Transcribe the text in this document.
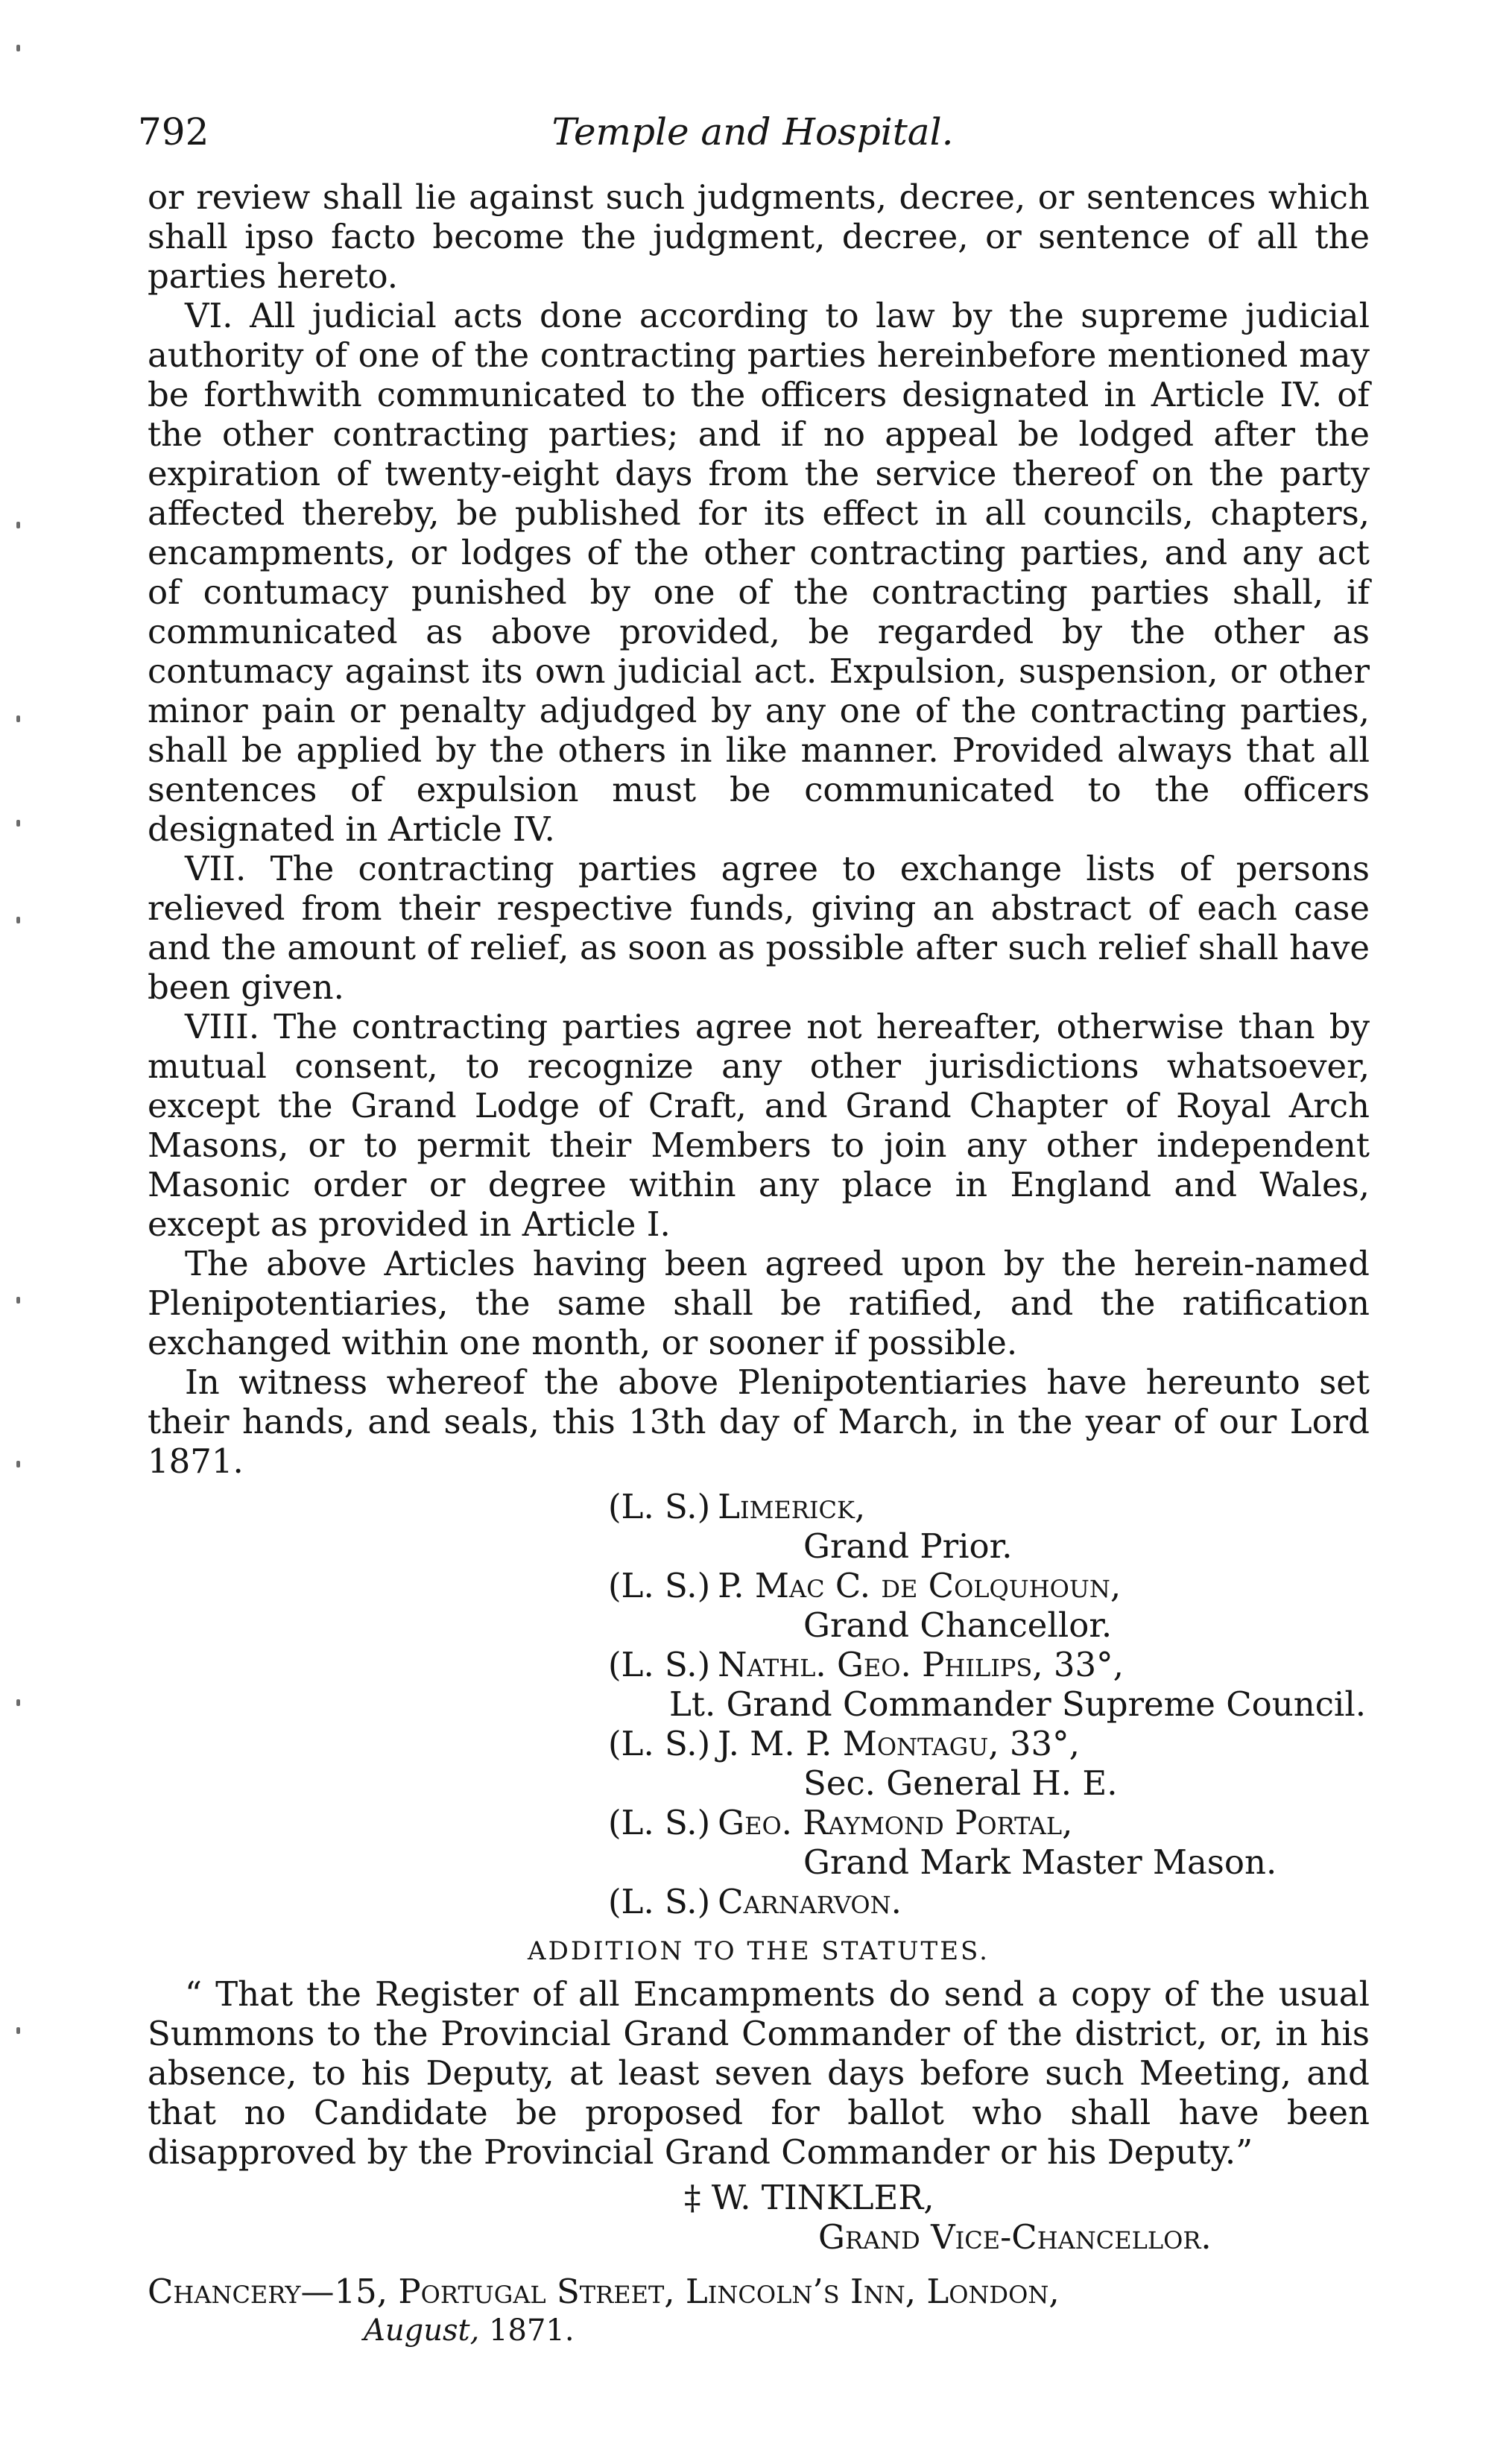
792	Temple and Hospital.

or review shall lie against such judgments, decree, or sentences which shall ipso facto become the judgment, decree, or sentence of all the parties hereto.

VI. All judicial acts done according to law by the supreme judicial authority of one of the contracting parties hereinbefore mentioned may be forthwith communicated to the officers designated in Article IV. of the other contracting parties; and if no appeal be lodged after the expiration of twenty-eight days from the service thereof on the party affected thereby, be published for its effect in all councils, chapters, encampments, or lodges of the other contracting parties, and any act of contumacy punished by one of the contracting parties shall, if communicated as above provided, be regarded by the other as contumacy against its own judicial act. Expulsion, suspension, or other minor pain or penalty adjudged by any one of the contracting parties, shall be applied by the others in like manner. Provided always that all sentences of expulsion must be communicated to the officers designated in Article IV.

VII. The contracting parties agree to exchange lists of persons relieved from their respective funds, giving an abstract of each case and the amount of relief, as soon as possible after such relief shall have been given.

VIII. The contracting parties agree not hereafter, otherwise than by mutual consent, to recognize any other jurisdictions whatsoever, except the Grand Lodge of Craft, and Grand Chapter of Royal Arch Masons, or to permit their Members to join any other independent Masonic order or degree within any place in England and Wales, except as provided in Article I.

The above Articles having been agreed upon by the herein-named Plenipotentiaries, the same shall be ratified, and the ratification exchanged within one month, or sooner if possible.

In witness whereof the above Plenipotentiaries have hereunto set their hands, and seals, this 13th day of March, in the year of our Lord 1871.

(L. S.) Limerick,
Grand Prior.
(L. S.) P. Mac C. de Colquhoun,
Grand Chancellor.
(L. S.) Nathl. Geo. Philips, 33°,
Lt. Grand Commander Supreme Council.
(L. S.) J. M. P. Montagu, 33°,
Sec. General H. E.
(L. S.) Geo. Raymond Portal,
Grand Mark Master Mason.
(L. S.) Carnarvon.
ADDITION TO THE STATUTES.

“ That the Register of all Encampments do send a copy of the usual Summons to the Provincial Grand Commander of the district, or, in his absence, to his Deputy, at least seven days before such Meeting, and that no Candidate be proposed for ballot who shall have been disapproved by the Provincial Grand Commander or his Deputy.”

‡ W. TINKLER,
Grand Vice-Chancellor.
Chancery—15, Portugal Street, Lincoln’s Inn, London,
August, 1871.
